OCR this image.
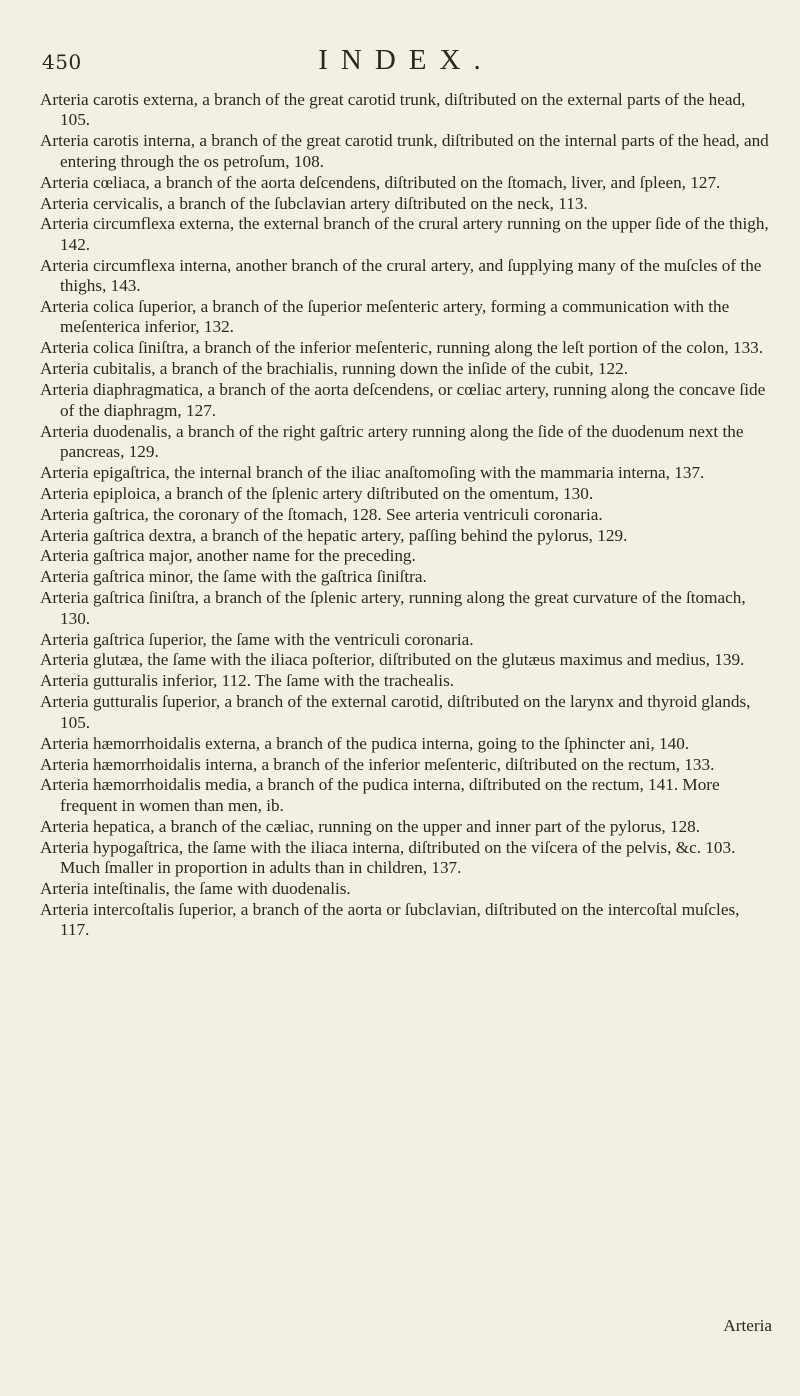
450	INDEX.
Arteria carotis externa, a branch of the great carotid trunk, diſtributed on the external parts of the head, 105.
Arteria carotis interna, a branch of the great carotid trunk, diſtributed on the internal parts of the head, and entering through the os petroſum, 108.
Arteria cœliaca, a branch of the aorta deſcendens, diſtributed on the ſtomach, liver, and ſpleen, 127.
Arteria cervicalis, a branch of the ſubclavian artery diſtributed on the neck, 113.
Arteria circumflexa externa, the external branch of the crural artery running on the upper ſide of the thigh, 142.
Arteria circumflexa interna, another branch of the crural artery, and ſupplying many of the muſcles of the thighs, 143.
Arteria colica ſuperior, a branch of the ſuperior meſenteric artery, forming a communication with the meſenterica inferior, 132.
Arteria colica ſiniſtra, a branch of the inferior meſenteric, running along the leſt portion of the colon, 133.
Arteria cubitalis, a branch of the brachialis, running down the inſide of the cubit, 122.
Arteria diaphragmatica, a branch of the aorta deſcendens, or cœliac artery, running along the concave ſide of the diaphragm, 127.
Arteria duodenalis, a branch of the right gaſtric artery running along the ſide of the duodenum next the pancreas, 129.
Arteria epigaſtrica, the internal branch of the iliac anaſtomoſing with the mammaria interna, 137.
Arteria epiploica, a branch of the ſplenic artery diſtributed on the omentum, 130.
Arteria gaſtrica, the coronary of the ſtomach, 128. See arteria ventriculi coronaria.
Arteria gaſtrica dextra, a branch of the hepatic artery, paſſing behind the pylorus, 129.
Arteria gaſtrica major, another name for the preceding.
Arteria gaſtrica minor, the ſame with the gaſtrica ſiniſtra.
Arteria gaſtrica ſiniſtra, a branch of the ſplenic artery, running along the great curvature of the ſtomach, 130.
Arteria gaſtrica ſuperior, the ſame with the ventriculi coronaria.
Arteria glutæa, the ſame with the iliaca poſterior, diſtributed on the glutæus maximus and medius, 139.
Arteria gutturalis inferior, 112. The ſame with the trachealis.
Arteria gutturalis ſuperior, a branch of the external carotid, diſtributed on the larynx and thyroid glands, 105.
Arteria hæmorrhoidalis externa, a branch of the pudica interna, going to the ſphincter ani, 140.
Arteria hæmorrhoidalis interna, a branch of the inferior meſenteric, diſtributed on the rectum, 133.
Arteria hæmorrhoidalis media, a branch of the pudica interna, diſtributed on the rectum, 141. More frequent in women than men, ib.
Arteria hepatica, a branch of the cæliac, running on the upper and inner part of the pylorus, 128.
Arteria hypogaſtrica, the ſame with the iliaca interna, diſtributed on the viſcera of the pelvis, &c. 103. Much ſmaller in proportion in adults than in children, 137.
Arteria inteſtinalis, the ſame with duodenalis.
Arteria intercoſtalis ſuperior, a branch of the aorta or ſubclavian, diſtributed on the intercoſtal muſcles, 117.
Arteria
